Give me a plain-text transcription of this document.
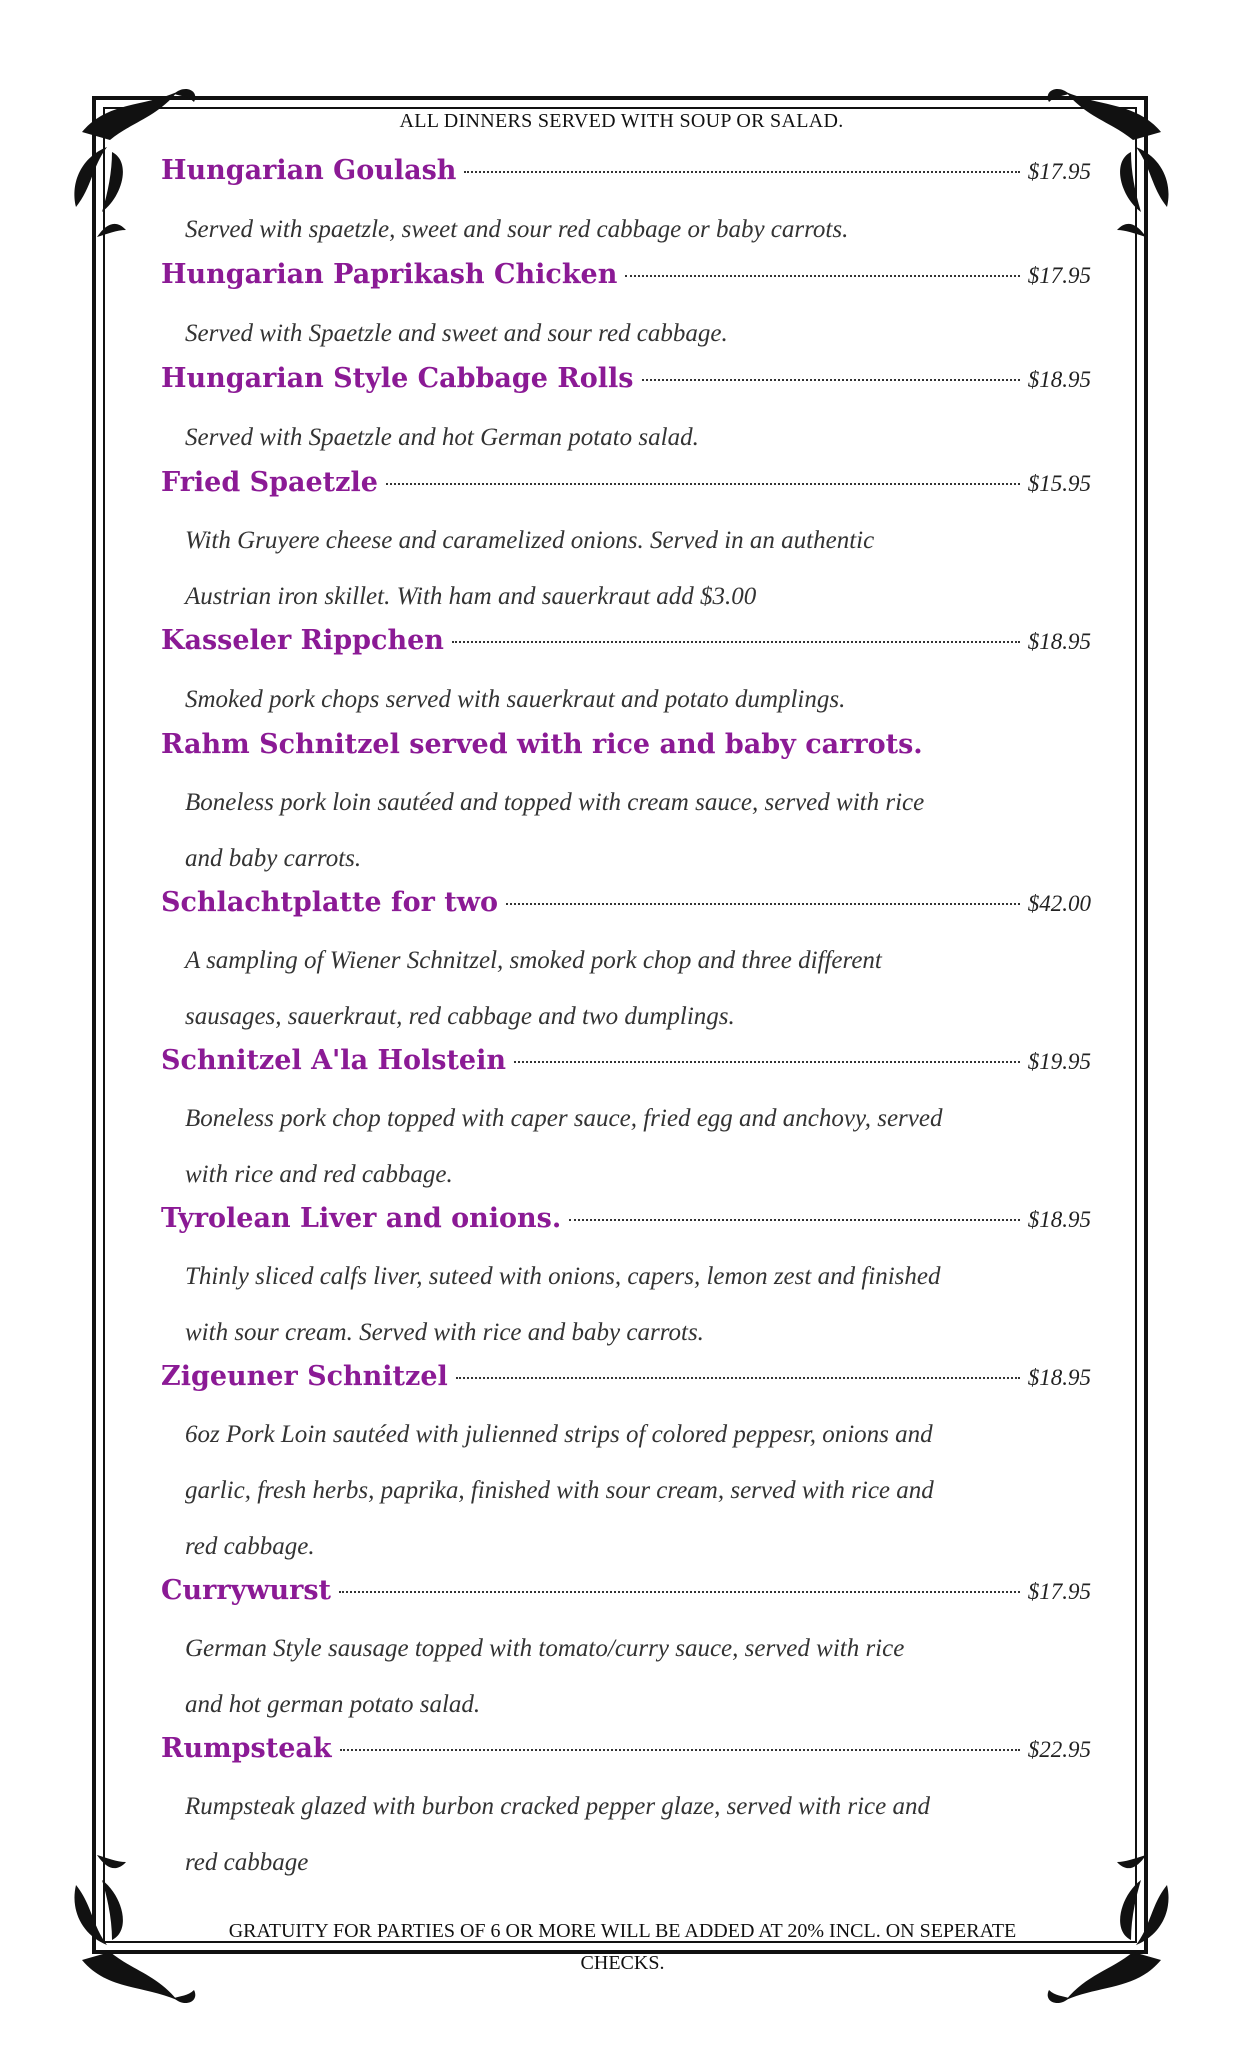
ALL DINNERS SERVED WITH SOUP OR SALAD.
Hungarian Goulash	$17.95
Served with spaetzle, sweet and sour red cabbage or baby carrots.
Hungarian Paprikash Chicken	$17.95
Served with Spaetzle and sweet and sour red cabbage.
Hungarian Style Cabbage Rolls	$18.95
Served with Spaetzle and hot German potato salad.
Fried Spaetzle	$15.95
With Gruyere cheese and caramelized onions. Served in an authentic
Austrian iron skillet. With ham and sauerkraut add $3.00
Kasseler Rippchen	$18.95
Smoked pork chops served with sauerkraut and potato dumplings.
Rahm Schnitzel served with rice and baby carrots.
Boneless pork loin sautéed and topped with cream sauce, served with rice
and baby carrots.
Schlachtplatte for two	$42.00
A sampling of Wiener Schnitzel, smoked pork chop and three different
sausages, sauerkraut, red cabbage and two dumplings.
Schnitzel A'la Holstein	$19.95
Boneless pork chop topped with caper sauce, fried egg and anchovy, served
with rice and red cabbage.
Tyrolean Liver and onions.	$18.95
Thinly sliced calfs liver, suteed with onions, capers, lemon zest and finished
with sour cream. Served with rice and baby carrots.
Zigeuner Schnitzel	$18.95
6oz Pork Loin sautéed with julienned strips of colored peppesr, onions and
garlic, fresh herbs, paprika, finished with sour cream, served with rice and
red cabbage.
Currywurst	$17.95
German Style sausage topped with tomato/curry sauce, served with rice
and hot german potato salad.
Rumpsteak	$22.95
Rumpsteak glazed with burbon cracked pepper glaze, served with rice and
red cabbage
GRATUITY FOR PARTIES OF 6 OR MORE WILL BE ADDED AT 20% INCL. ON SEPERATE
CHECKS.
